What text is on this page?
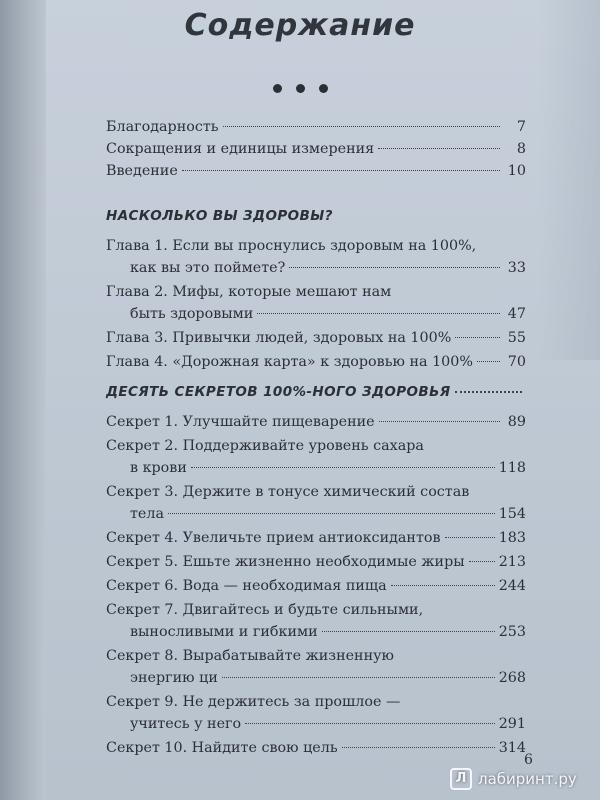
Содержание
Благодарность	7
Сокращения и единицы измерения	8
Введение	10
НАСКОЛЬКО ВЫ ЗДОРОВЫ?
Глава 1. Если вы проснулись здоровым на 100%,
как вы это поймете?	33
Глава 2. Мифы, которые мешают нам
быть здоровыми	47
Глава 3. Привычки людей, здоровых на 100%	55
Глава 4. «Дорожная карта» к здоровью на 100% 70
ДЕСЯТЬ СЕКРЕТОВ 100%-НОГО ЗДОРОВЬЯ
Секрет 1. Улучшайте пищеварение	89
Секрет 2. Поддерживайте уровень сахара
в крови	118
Секрет 3. Держите в тонусе химический состав
тела	154
Секрет 4. Увеличьте прием антиоксидантов	183
Секрет 5. Ешьте жизненно необходимые жиры 213
Секрет 6. Вода — необходимая пища	244
Секрет 7. Двигайтесь и будьте сильными,
выносливыми и гибкими	253
Секрет 8. Вырабатывайте жизненную
энергию ци	268
Секрет 9. Не держитесь за прошлое —
учитесь у него	291
Секрет 10. Найдите свою цель	314
6
Л лабиринт.ру
